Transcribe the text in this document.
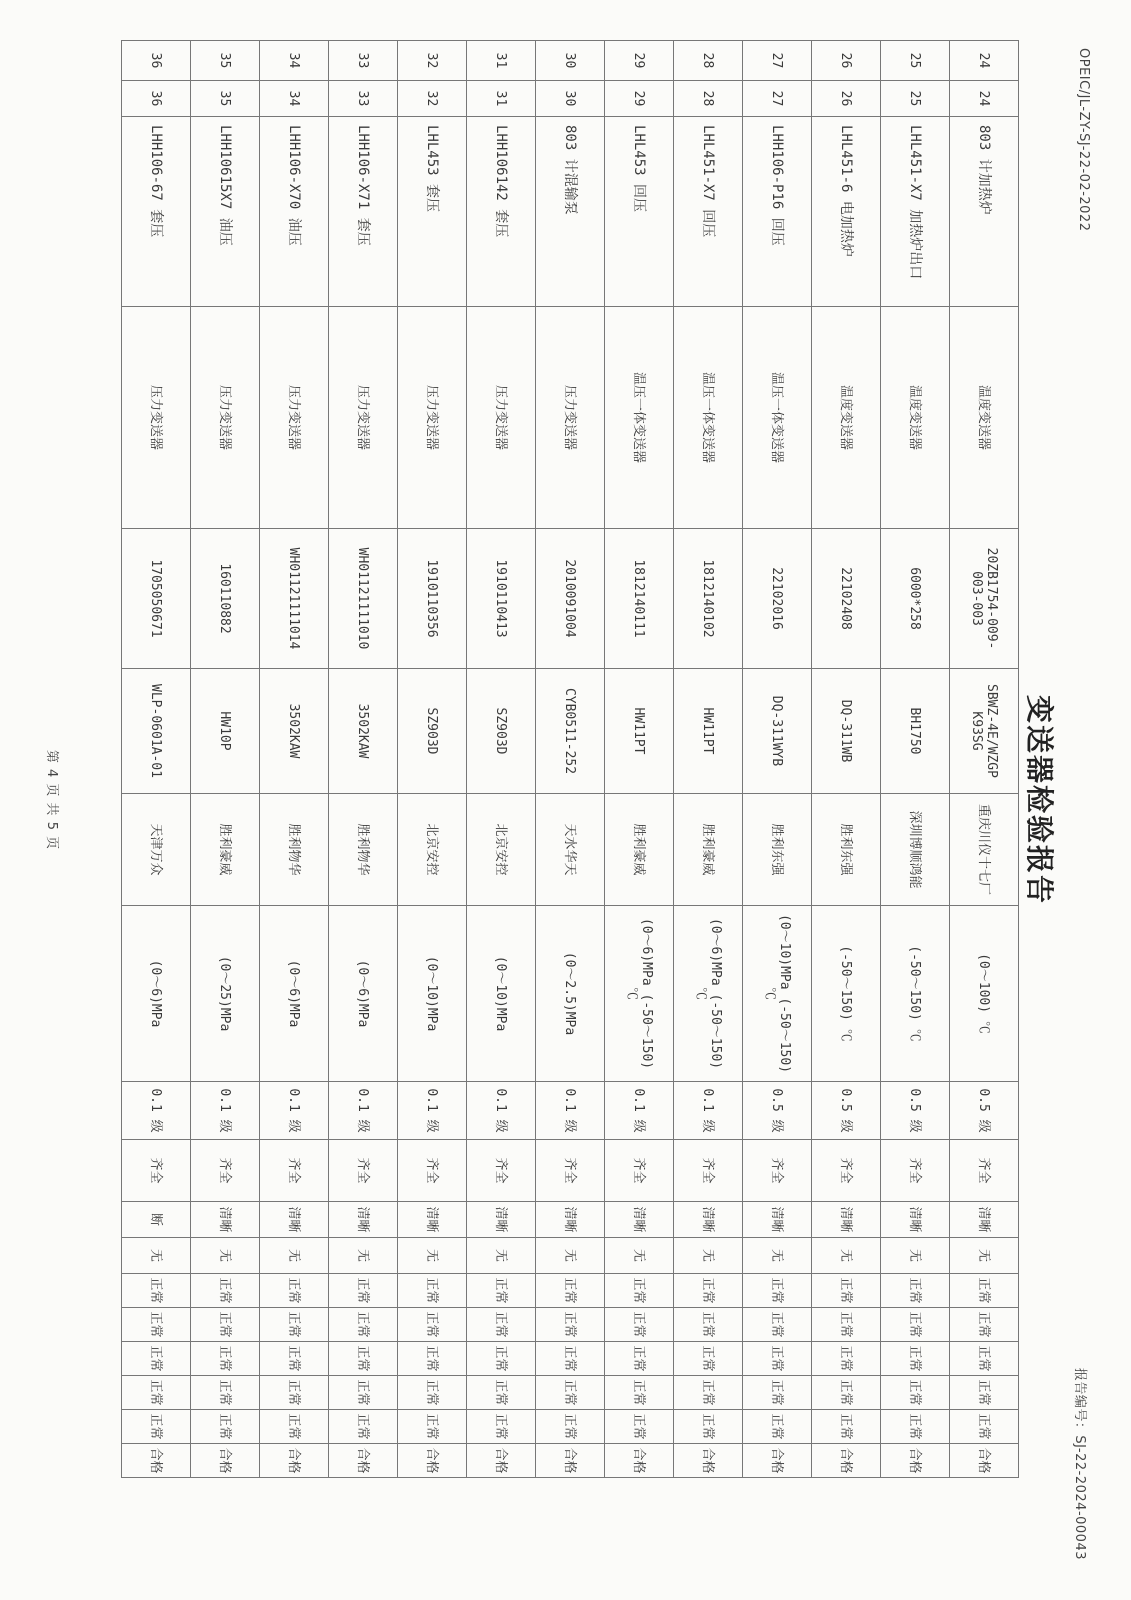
OPEIC/JL-ZY-SJ-22-02-2022
报告编号：SJ-22-2024-00043
变送器检验报告
24	24	803 计加热炉	温度变送器	20ZB1754-009-003-003	SBWZ-4E/WZGP K93SG	重庆川仪十七厂	(0～100) ℃	0.5 级	齐全	清晰	无	正常	正常	正常	正常	正常	合格
25	25	LHL451-X7 加热炉出口	温度变送器	6000*258	BH1750	深圳博顺鸿能	(-50～150) ℃	0.5 级	齐全	清晰	无	正常	正常	正常	正常	正常	合格
26	26	LHL451-6 电加热炉	温度变送器	22102408	DQ-311WB	胜利东强	(-50～150) ℃	0.5 级	齐全	清晰	无	正常	正常	正常	正常	正常	合格
27	27	LHH106-P16 回压	温压一体变送器	22102016	DQ-311WYB	胜利东强	(0～10)MPa (-50～150) ℃	0.5 级	齐全	清晰	无	正常	正常	正常	正常	正常	合格
28	28	LHL451-X7 回压	温压一体变送器	1812140102	HW11PT	胜利豪威	(0～6)MPa (-50～150) ℃	0.1 级	齐全	清晰	无	正常	正常	正常	正常	正常	合格
29	29	LHL453 回压	温压一体变送器	1812140111	HW11PT	胜利豪威	(0～6)MPa (-50～150) ℃	0.1 级	齐全	清晰	无	正常	正常	正常	正常	正常	合格
30	30	803 计混输泵	压力变送器	2010091004	CYB0511-252	天水华天	(0～2.5)MPa	0.1 级	齐全	清晰	无	正常	正常	正常	正常	正常	合格
31	31	LHH106142 套压	压力变送器	1910110413	SZ903D	北京安控	(0～10)MPa	0.1 级	齐全	清晰	无	正常	正常	正常	正常	正常	合格
32	32	LHL453 套压	压力变送器	1910110356	SZ903D	北京安控	(0～10)MPa	0.1 级	齐全	清晰	无	正常	正常	正常	正常	正常	合格
33	33	LHH106-X71 套压	压力变送器	WH01121111010	3502KAW	胜利物华	(0～6)MPa	0.1 级	齐全	清晰	无	正常	正常	正常	正常	正常	合格
34	34	LHH106-X70 油压	压力变送器	WH01121111014	3502KAW	胜利物华	(0～6)MPa	0.1 级	齐全	清晰	无	正常	正常	正常	正常	正常	合格
35	35	LHH10615X7 油压	压力变送器	160110882	HW10P	胜利豪威	(0～25)MPa	0.1 级	齐全	清晰	无	正常	正常	正常	正常	正常	合格
36	36	LHH106-67 套压	压力变送器	1705050671	WLP-0601A-01	天津万众	(0～6)MPa	0.1 级	齐全	断	无	正常	正常	正常	正常	正常	合格
第 4 页 共 5 页
